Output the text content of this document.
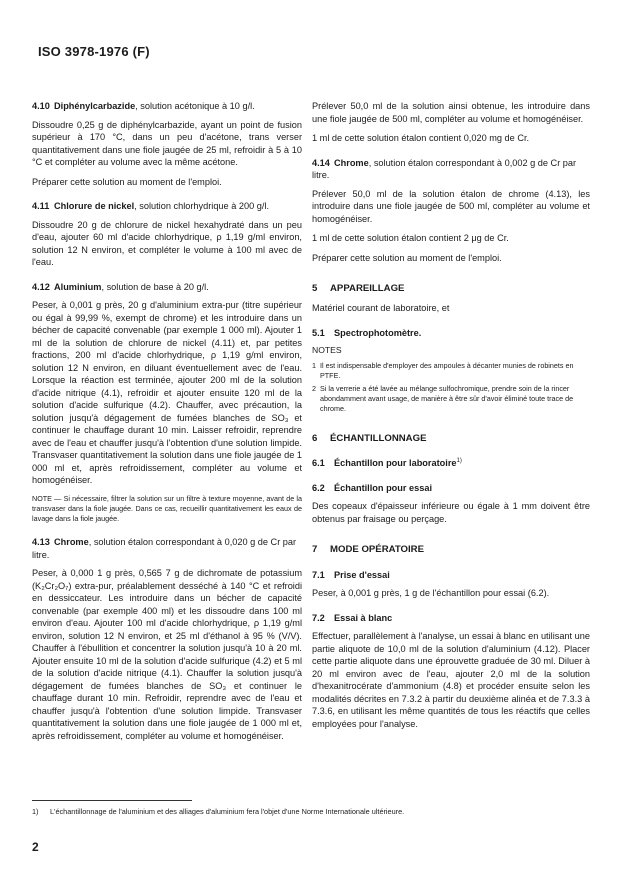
ISO 3978-1976 (F)
4.10 Diphénylcarbazide, solution acétonique à 10 g/l.

Dissoudre 0,25 g de diphénylcarbazide, ayant un point de fusion supérieur à 170 °C, dans un peu d'acétone, trans verser quantitativement dans une fiole jaugée de 25 ml, refroidir à 5 à 10 °C et compléter au volume avec la même acétone.

Préparer cette solution au moment de l'emploi.

4.11 Chlorure de nickel, solution chlorhydrique à 200 g/l.

Dissoudre 20 g de chlorure de nickel hexahydraté dans un peu d'eau, ajouter 60 ml d'acide chlorhydrique, ρ 1,19 g/ml environ, solution 12 N environ, et compléter le volume à 100 ml avec de l'eau.

4.12 Aluminium, solution de base à 20 g/l.

Peser, à 0,001 g près, 20 g d'aluminium extra-pur (titre supérieur ou égal à 99,99 %, exempt de chrome) et les introduire dans un bécher de capacité convenable (par exemple 1 000 ml). Ajouter 1 ml de la solution de chlorure de nickel (4.11) et, par petites fractions, 200 ml d'acide chlorhydrique, ρ 1,19 g/ml environ, solution 12 N environ, en diluant éventuellement avec de l'eau. Lorsque la réaction est terminée, ajouter 200 ml de la solution d'acide nitrique (4.1), refroidir et ajouter ensuite 120 ml de la solution d'acide sulfurique (4.2). Chauffer, avec précaution, la solution jusqu'à dégagement de fumées blanches de SO₃ et continuer le chauffage durant 10 min. Laisser refroidir, reprendre avec de l'eau et chauffer jusqu'à l'obtention d'une solution limpide. Transvaser quantitativement la solution dans une fiole jaugée de 1 000 ml et, après refroidissement, compléter au volume et homogénéiser.

NOTE — Si nécessaire, filtrer la solution sur un filtre à texture moyenne, avant de la transvaser dans la fiole jaugée. Dans ce cas, recueillir quantitativement les eaux de lavage dans la fiole jaugée.

4.13 Chrome, solution étalon correspondant à 0,020 g de Cr par litre.

Peser, à 0,000 1 g près, 0,565 7 g de dichromate de potassium (K₂Cr₂O₇) extra-pur, préalablement desséché à 140 °C et refroidi en dessiccateur. Les introduire dans un bécher de capacité convenable (par exemple 400 ml) et les dissoudre dans 100 ml environ d'eau. Ajouter 100 ml d'acide chlorhydrique, ρ 1,19 g/ml environ, solution 12 N environ, et 25 ml d'éthanol à 95 % (V/V). Chauffer à l'ébullition et concentrer la solution jusqu'à 10 à 20 ml. Ajouter ensuite 10 ml de la solution d'acide sulfurique (4.2) et 5 ml de la solution d'acide nitrique (4.1). Chauffer la solution jusqu'à dégagement de fumées blanches de SO₃ et continuer le chauffage durant 10 min. Refroidir, reprendre avec de l'eau et chauffer jusqu'à l'obtention d'une solution limpide. Transvaser quantitativement la solution dans une fiole jaugée de 1 000 ml et, après refroidissement, compléter au volume et homogénéiser.

Prélever 50,0 ml de la solution ainsi obtenue, les introduire dans une fiole jaugée de 500 ml, compléter au volume et homogénéiser.

1 ml de cette solution étalon contient 0,020 mg de Cr.

4.14 Chrome, solution étalon correspondant à 0,002 g de Cr par litre.

Prélever 50,0 ml de la solution étalon de chrome (4.13), les introduire dans une fiole jaugée de 500 ml, compléter au volume et homogénéiser.

1 ml de cette solution étalon contient 2 μg de Cr.

Préparer cette solution au moment de l'emploi.

5 APPAREILLAGE

Matériel courant de laboratoire, et

5.1 Spectrophotomètre.
NOTES
1 Il est indispensable d'employer des ampoules à décanter munies de robinets en PTFE.
2 Si la verrerie a été lavée au mélange sulfochromique, prendre soin de la rincer abondamment avant usage, de manière à être sûr d'avoir éliminé toute trace de chrome.
6 ÉCHANTILLONNAGE
6.1 Échantillon pour laboratoire$^{1)}$
6.2 Échantillon pour essai

Des copeaux d'épaisseur inférieure ou égale à 1 mm doivent être obtenus par fraisage ou perçage.

7 MODE OPÉRATOIRE
7.1 Prise d'essai

Peser, à 0,001 g près, 1 g de l'échantillon pour essai (6.2).

7.2 Essai à blanc

Effectuer, parallèlement à l'analyse, un essai à blanc en utilisant une partie aliquote de 10,0 ml de la solution d'aluminium (4.12). Placer cette partie aliquote dans une éprouvette graduée de 30 ml. Diluer à 20 ml environ avec de l'eau, ajouter 2,0 ml de la solution d'hexanitrocérate d'ammonium (4.8) et procéder ensuite selon les modalités décrites en 7.3.2 à partir du deuxième alinéa et de 7.3.3 à 7.3.6, en utilisant les même quantités de tous les réactifs que celles employées pour l'analyse.

1) L'échantillonnage de l'aluminium et des alliages d'aluminium fera l'objet d'une Norme Internationale ultérieure.
2
